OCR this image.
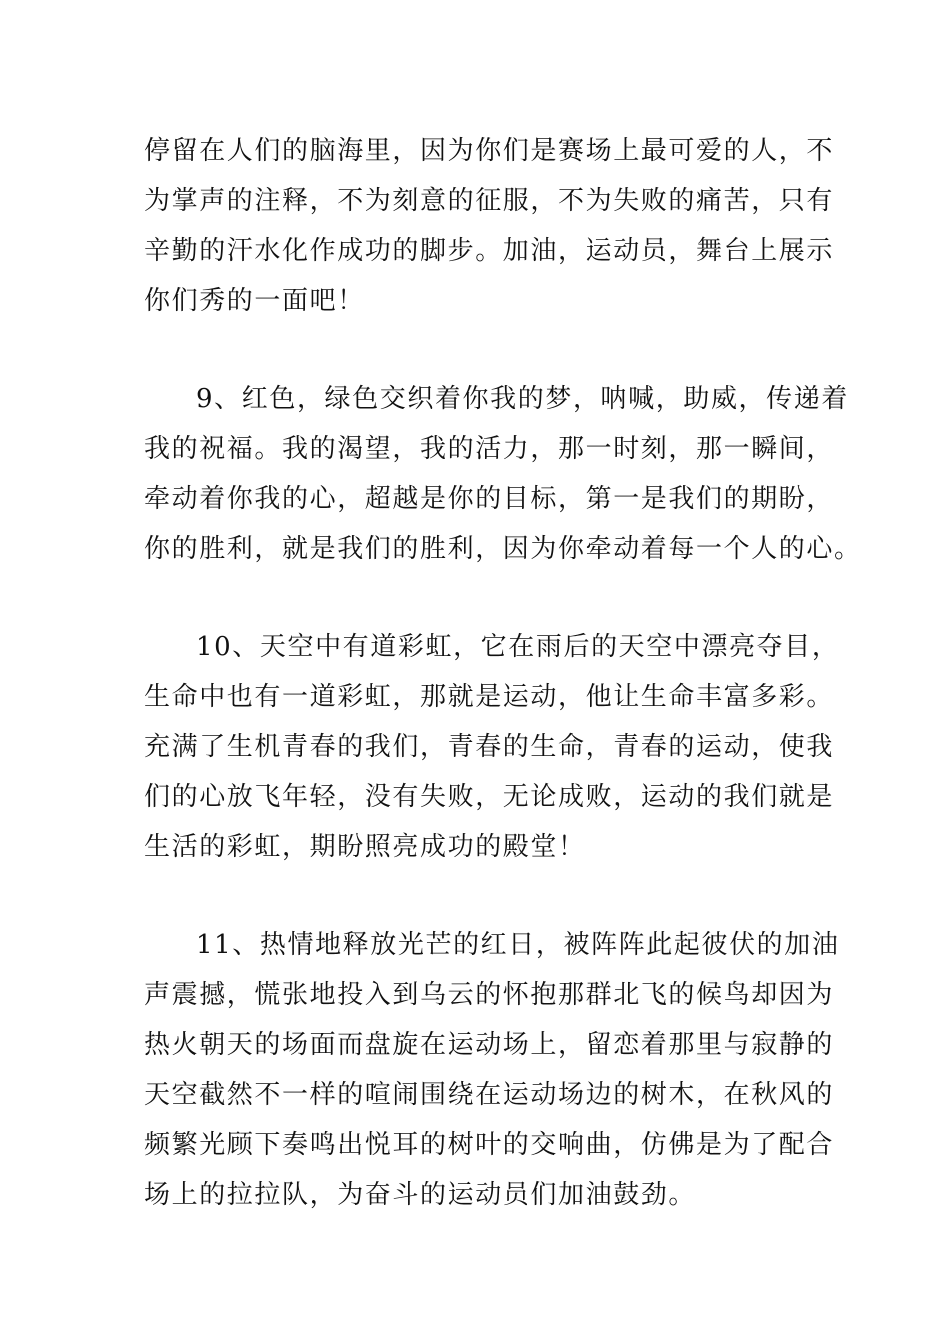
停留在人们的脑海里，因为你们是赛场上最可爱的人，不

为掌声的注释，不为刻意的征服，不为失败的痛苦，只有

辛勤的汗水化作成功的脚步。加油，运动员，舞台上展示

你们秀的一面吧！

9、红色，绿色交织着你我的梦，呐喊，助威，传递着

我的祝福。我的渴望，我的活力，那一时刻，那一瞬间，

牵动着你我的心，超越是你的目标，第一是我们的期盼，

你的胜利，就是我们的胜利，因为你牵动着每一个人的心。

10、天空中有道彩虹，它在雨后的天空中漂亮夺目，

生命中也有一道彩虹，那就是运动，他让生命丰富多彩。

充满了生机青春的我们，青春的生命，青春的运动，使我

们的心放飞年轻，没有失败，无论成败，运动的我们就是

生活的彩虹，期盼照亮成功的殿堂！

11、热情地释放光芒的红日，被阵阵此起彼伏的加油

声震撼，慌张地投入到乌云的怀抱那群北飞的候鸟却因为

热火朝天的场面而盘旋在运动场上，留恋着那里与寂静的

天空截然不一样的喧闹围绕在运动场边的树木，在秋风的

频繁光顾下奏鸣出悦耳的树叶的交响曲，仿佛是为了配合

场上的拉拉队，为奋斗的运动员们加油鼓劲。
